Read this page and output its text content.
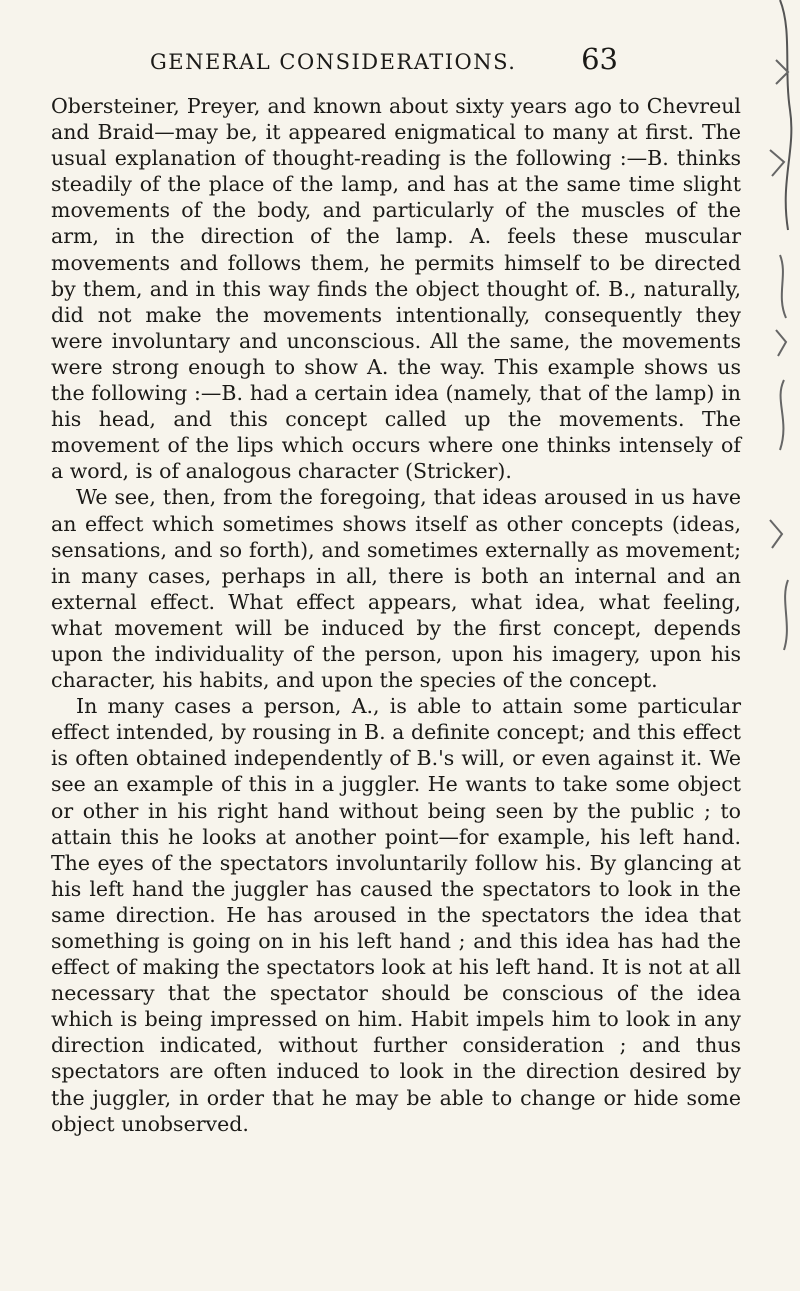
GENERAL CONSIDERATIONS. 63

Obersteiner, Preyer, and known about sixty years ago to Chevreul and Braid—may be, it appeared enigmatical to many at first. The usual explanation of thought-reading is the following :—B. thinks steadily of the place of the lamp, and has at the same time slight movements of the body, and particularly of the muscles of the arm, in the direction of the lamp. A. feels these muscular movements and follows them, he permits himself to be directed by them, and in this way finds the object thought of. B., naturally, did not make the movements intentionally, consequently they were involuntary and unconscious. All the same, the movements were strong enough to show A. the way. This example shows us the following :—B. had a certain idea (namely, that of the lamp) in his head, and this concept called up the movements. The movement of the lips which occurs where one thinks intensely of a word, is of analogous character (Stricker).

We see, then, from the foregoing, that ideas aroused in us have an effect which sometimes shows itself as other concepts (ideas, sensations, and so forth), and sometimes externally as movement; in many cases, perhaps in all, there is both an internal and an external effect. What effect appears, what idea, what feeling, what movement will be induced by the first concept, depends upon the individuality of the person, upon his imagery, upon his character, his habits, and upon the species of the concept.

In many cases a person, A., is able to attain some particular effect intended, by rousing in B. a definite concept; and this effect is often obtained independently of B.'s will, or even against it. We see an example of this in a juggler. He wants to take some object or other in his right hand without being seen by the public ; to attain this he looks at another point—for example, his left hand. The eyes of the spectators involuntarily follow his. By glancing at his left hand the juggler has caused the spectators to look in the same direction. He has aroused in the spectators the idea that something is going on in his left hand ; and this idea has had the effect of making the spectators look at his left hand. It is not at all necessary that the spectator should be conscious of the idea which is being impressed on him. Habit impels him to look in any direction indicated, without further consideration ; and thus spectators are often induced to look in the direction desired by the juggler, in order that he may be able to change or hide some object unobserved.
